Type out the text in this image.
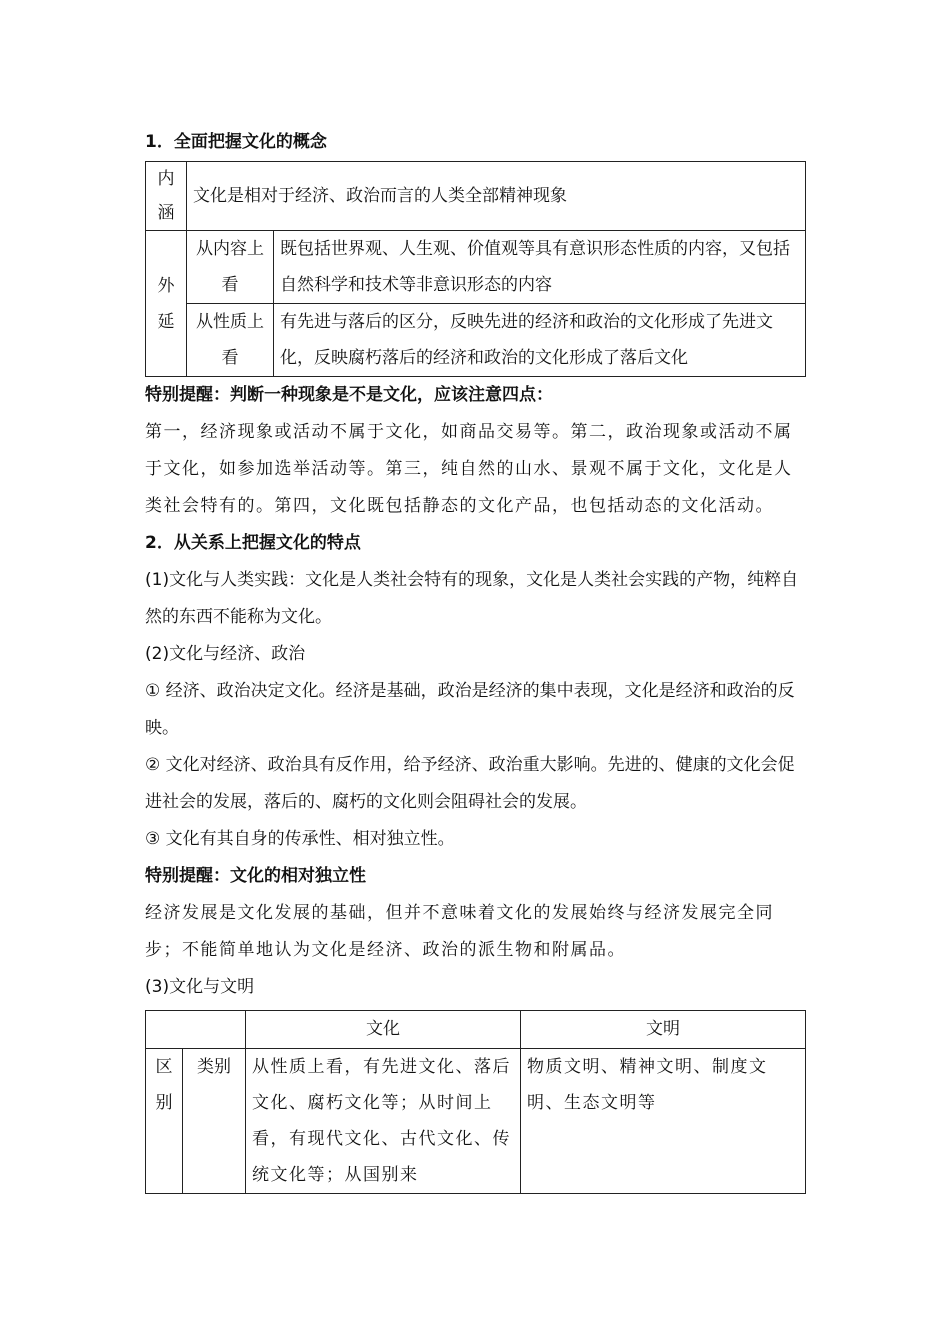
1．全面把握文化的概念

内涵	文化是相对于经济、政治而言的人类全部精神现象	

外延	从内容上看	既包括世界观、人生观、价值观等具有意识形态性质的内容，又包括自然科学和技术等非意识形态的内容

	从性质上看	有先进与落后的区分，反映先进的经济和政治的文化形成了先进文化，反映腐朽落后的经济和政治的文化形成了落后文化

特别提醒：判断一种现象是不是文化，应该注意四点：

第一，经济现象或活动不属于文化，如商品交易等。第二，政治现象或活动不属于文化，如参加选举活动等。第三，纯自然的山水、景观不属于文化，文化是人类社会特有的。第四，文化既包括静态的文化产品，也包括动态的文化活动。

2．从关系上把握文化的特点

(1)文化与人类实践：文化是人类社会特有的现象，文化是人类社会实践的产物，纯粹自然的东西不能称为文化。

(2)文化与经济、政治

① 经济、政治决定文化。经济是基础，政治是经济的集中表现，文化是经济和政治的反映。

② 文化对经济、政治具有反作用，给予经济、政治重大影响。先进的、健康的文化会促进社会的发展，落后的、腐朽的文化则会阻碍社会的发展。

③ 文化有其自身的传承性、相对独立性。

特别提醒：文化的相对独立性

经济发展是文化发展的基础，但并不意味着文化的发展始终与经济发展完全同步；不能简单地认为文化是经济、政治的派生物和附属品。

(3)文化与文明

		文化	文明

区别	类别	从性质上看，有先进文化、落后文化、腐朽文化等；从时间上看，有现代文化、古代文化、传统文化等；从国别来	物质文明、精神文明、制度文明、生态文明等
